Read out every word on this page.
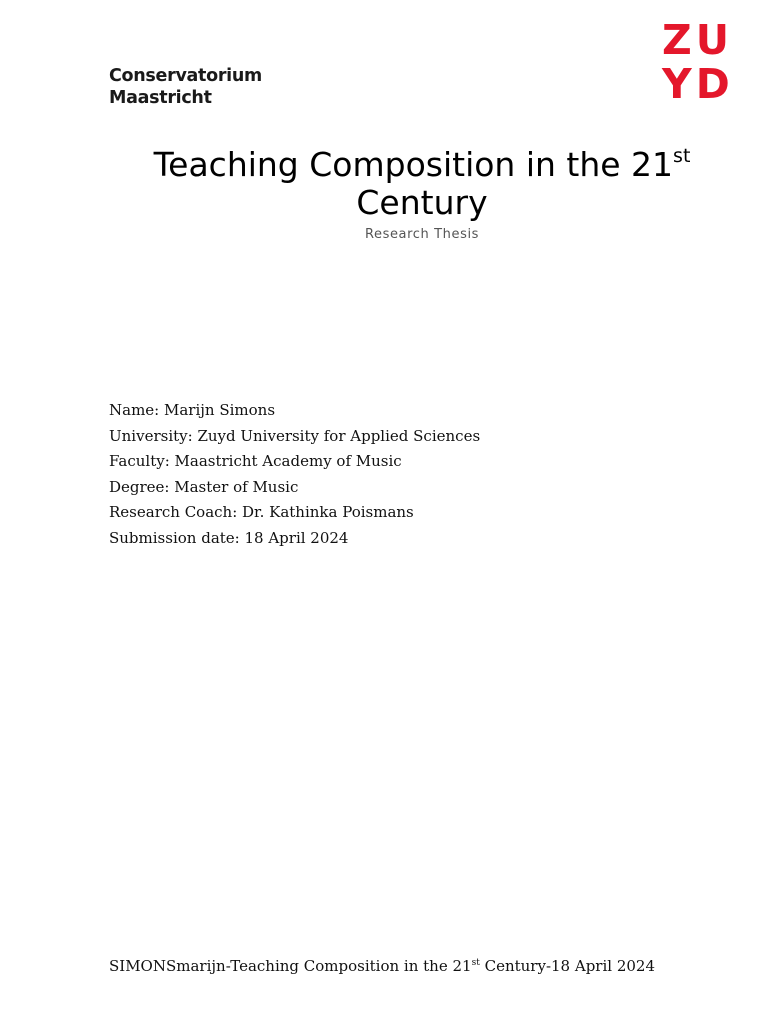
Conservatorium
Maastricht
ZU
YD
Teaching Composition in the 21st
Century
Research Thesis
Name: Marijn Simons
University: Zuyd University for Applied Sciences
Faculty: Maastricht Academy of Music
Degree: Master of Music
Research Coach: Dr. Kathinka Poismans
Submission date: 18 April 2024
SIMONSmarijn-Teaching Composition in the 21st Century-18 April 2024
